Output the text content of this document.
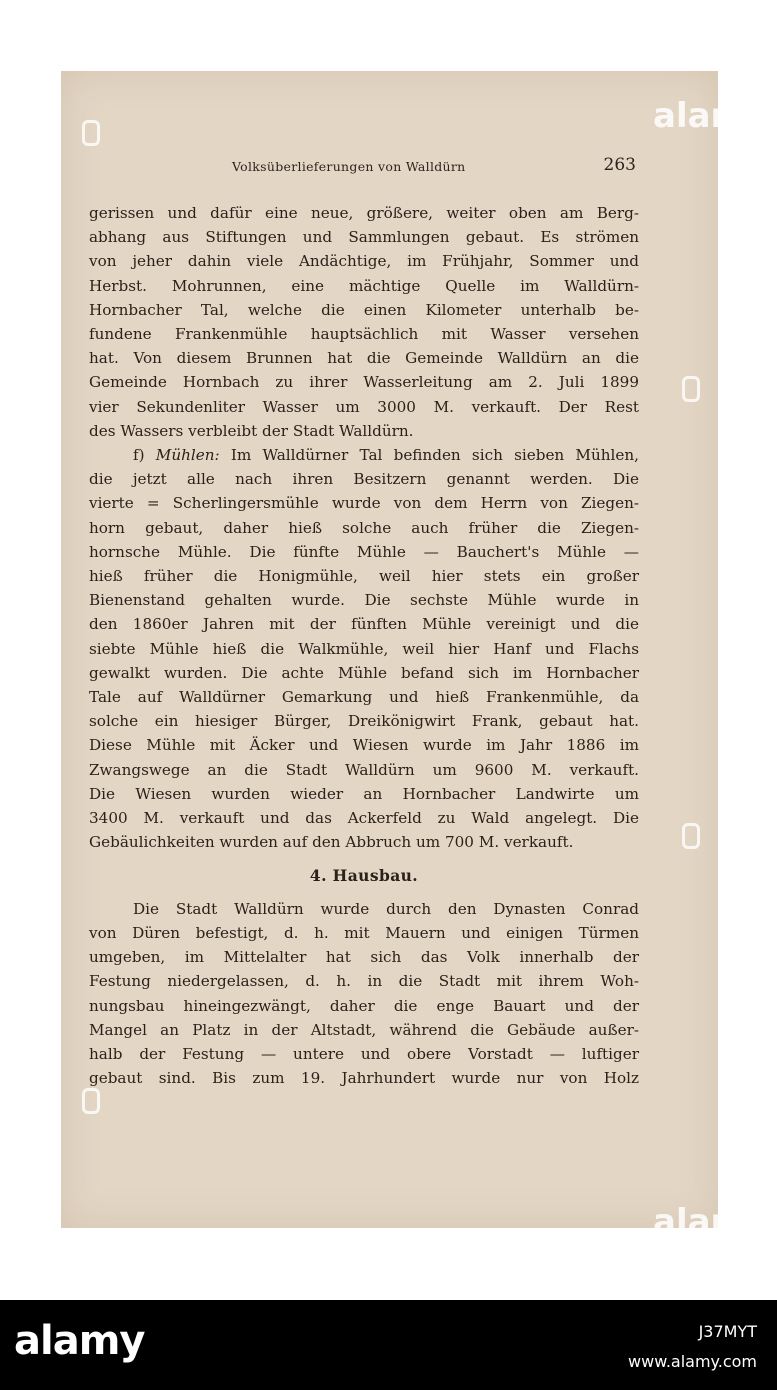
Volksüberlieferungen von Walldürn	263
gerissen und dafür eine neue, größere, weiter oben am Berg-
abhang aus Stiftungen und Sammlungen gebaut. Es strömen
von jeher dahin viele Andächtige, im Frühjahr, Sommer und
Herbst. Mohrunnen, eine mächtige Quelle im Walldürn-
Hornbacher Tal, welche die einen Kilometer unterhalb be-
fundene Frankenmühle hauptsächlich mit Wasser versehen
hat. Von diesem Brunnen hat die Gemeinde Walldürn an die
Gemeinde Hornbach zu ihrer Wasserleitung am 2. Juli 1899
vier Sekundenliter Wasser um 3000 M. verkauft. Der Rest
des Wassers verbleibt der Stadt Walldürn.
f) Mühlen: Im Walldürner Tal befinden sich sieben Mühlen,
die jetzt alle nach ihren Besitzern genannt werden. Die
vierte = Scherlingersmühle wurde von dem Herrn von Ziegen-
horn gebaut, daher hieß solche auch früher die Ziegen-
hornsche Mühle. Die fünfte Mühle — Bauchert's Mühle —
hieß früher die Honigmühle, weil hier stets ein großer
Bienenstand gehalten wurde. Die sechste Mühle wurde in
den 1860er Jahren mit der fünften Mühle vereinigt und die
siebte Mühle hieß die Walkmühle, weil hier Hanf und Flachs
gewalkt wurden. Die achte Mühle befand sich im Hornbacher
Tale auf Walldürner Gemarkung und hieß Frankenmühle, da
solche ein hiesiger Bürger, Dreikönigwirt Frank, gebaut hat.
Diese Mühle mit Äcker und Wiesen wurde im Jahr 1886 im
Zwangswege an die Stadt Walldürn um 9600 M. verkauft.
Die Wiesen wurden wieder an Hornbacher Landwirte um
3400 M. verkauft und das Ackerfeld zu Wald angelegt. Die
Gebäulichkeiten wurden auf den Abbruch um 700 M. verkauft.
4. Hausbau.
Die Stadt Walldürn wurde durch den Dynasten Conrad
von Düren befestigt, d. h. mit Mauern und einigen Türmen
umgeben, im Mittelalter hat sich das Volk innerhalb der
Festung niedergelassen, d. h. in die Stadt mit ihrem Woh-
nungsbau hineingezwängt, daher die enge Bauart und der
Mangel an Platz in der Altstadt, während die Gebäude außer-
halb der Festung — untere und obere Vorstadt — luftiger
gebaut sind. Bis zum 19. Jahrhundert wurde nur von Holz
alamy
alamy
alamy	J37MYT
www.alamy.com
